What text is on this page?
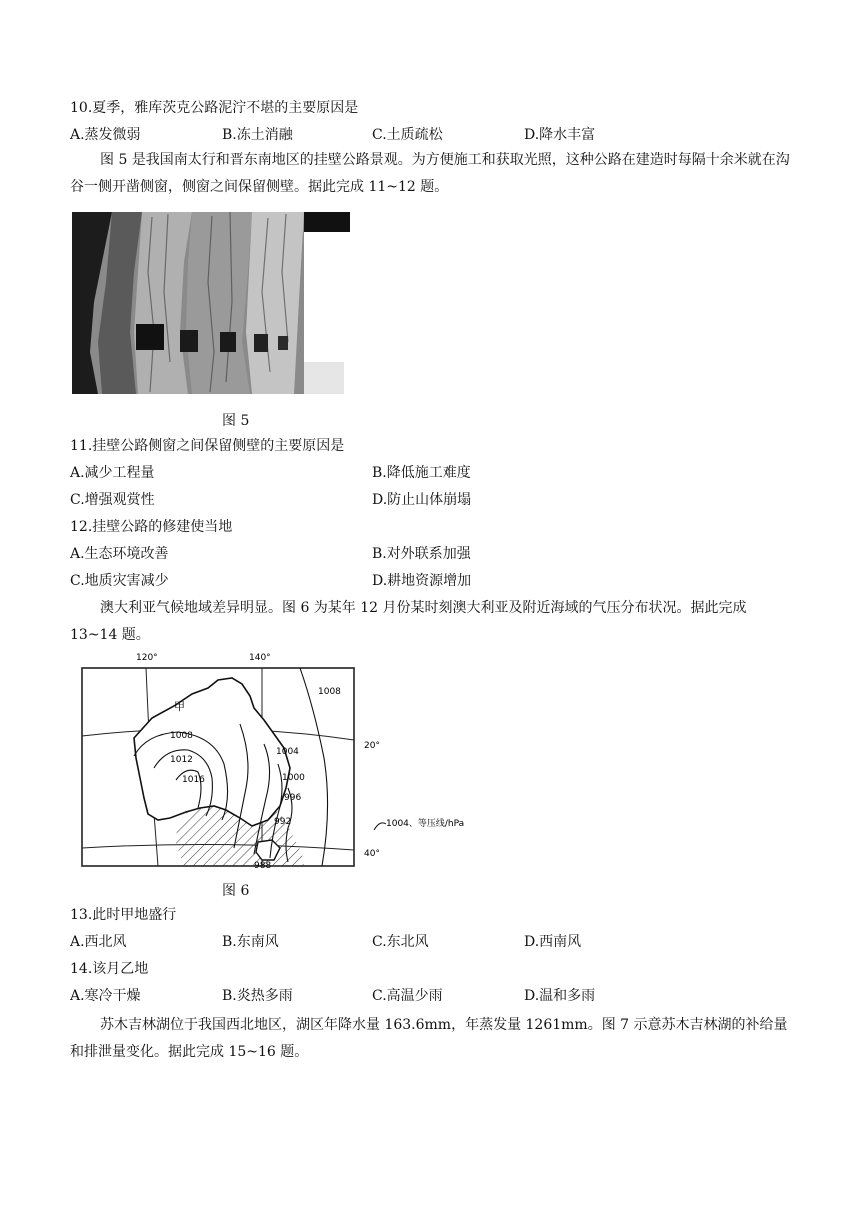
10.夏季，雅库茨克公路泥泞不堪的主要原因是
A.蒸发微弱	B.冻土消融	C.土质疏松	D.降水丰富
图 5 是我国南太行和晋东南地区的挂壁公路景观。为方便施工和获取光照，这种公路在建造时每隔十余米就在沟谷一侧开凿侧窗，侧窗之间保留侧壁。据此完成 11~12 题。
图 5
11.挂壁公路侧窗之间保留侧壁的主要原因是
A.减少工程量	B.降低施工难度
C.增强观赏性	D.防止山体崩塌
12.挂壁公路的修建使当地
A.生态环境改善	B.对外联系加强
C.地质灾害减少	D.耕地资源增加
澳大利亚气候地域差异明显。图 6 为某年 12 月份某时刻澳大利亚及附近海域的气压分布状况。据此完成 13~14 题。
120°	140°
20°
40°
甲
1008
1008
1012
1016
1004
1000
996
992
988
1004、等压线/hPa
图 6
13.此时甲地盛行
A.西北风	B.东南风	C.东北风	D.西南风
14.该月乙地
A.寒冷干燥	B.炎热多雨	C.高温少雨	D.温和多雨
苏木吉林湖位于我国西北地区，湖区年降水量 163.6mm，年蒸发量 1261mm。图 7 示意苏木吉林湖的补给量和排泄量变化。据此完成 15~16 题。
